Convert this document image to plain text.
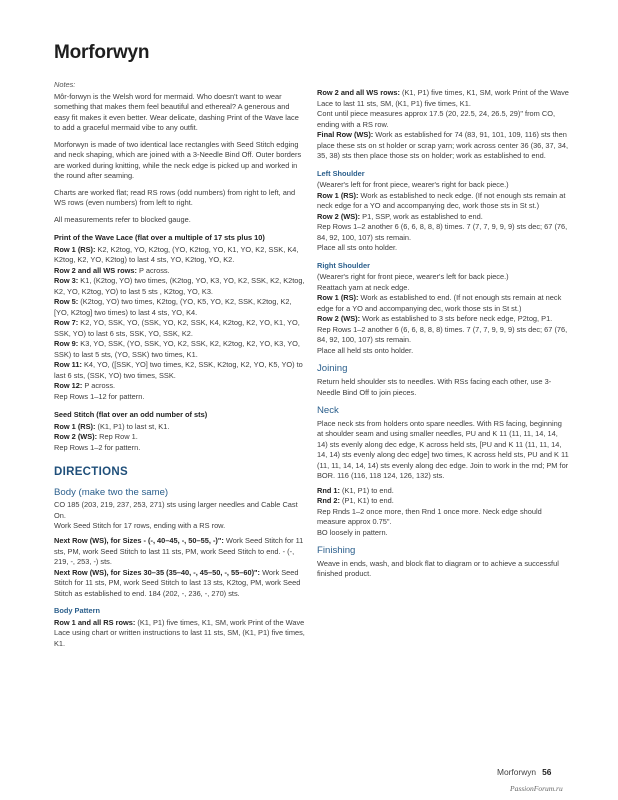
Morforwyn
Notes:

Môr-forwyn is the Welsh word for mermaid. Who doesn't want to wear something that makes them feel beautiful and ethereal? A generous and easy fit makes it even better. Wear delicate, dashing Print of the Wave lace to add a graceful mermaid vibe to any outfit.

Morforwyn is made of two identical lace rectangles with Seed Stitch edging and neck shaping, which are joined with a 3-Needle Bind Off. Outer borders are worked during knitting, while the neck edge is picked up and worked in the round after seaming.

Charts are worked flat; read RS rows (odd numbers) from right to left, and WS rows (even numbers) from left to right.

All measurements refer to blocked gauge.

Print of the Wave Lace (flat over a multiple of 17 sts plus 10)
Row 1 (RS): K2, K2tog, YO, K2tog, (YO, K2tog, YO, K1, YO, K2, SSK, K4, K2tog, K2, YO, K2tog) to last 4 sts, YO, K2tog, YO, K2.
Row 2 and all WS rows: P across.
Row 3: K1, (K2tog, YO) two times, (K2tog, YO, K3, YO, K2, SSK, K2, K2tog, K2, YO, K2tog, YO) to last 5 sts , K2tog, YO, K3.
Row 5: (K2tog, YO) two times, K2tog, (YO, K5, YO, K2, SSK, K2tog, K2, [YO, K2tog] two times) to last 4 sts, YO, K4.
Row 7: K2, YO, SSK, YO, (SSK, YO, K2, SSK, K4, K2tog, K2, YO, K1, YO, SSK, YO) to last 6 sts, SSK, YO, SSK, K2.
Row 9: K3, YO, SSK, (YO, SSK, YO, K2, SSK, K2, K2tog, K2, YO, K3, YO, SSK) to last 5 sts, (YO, SSK) two times, K1.
Row 11: K4, YO, ([SSK, YO] two times, K2, SSK, K2tog, K2, YO, K5, YO) to last 6 sts, (SSK, YO) two times, SSK.
Row 12: P across.
Rep Rows 1–12 for pattern.
Seed Stitch (flat over an odd number of sts)
Row 1 (RS): (K1, P1) to last st, K1.
Row 2 (WS): Rep Row 1.
Rep Rows 1–2 for pattern.
DIRECTIONS
Body (make two the same)
CO 185 (203, 219, 237, 253, 271) sts using larger needles and Cable Cast On.
Work Seed Stitch for 17 rows, ending with a RS row.
Next Row (WS), for Sizes - (-, 40–45, -, 50–55, -)": Work Seed Stitch for 11 sts, PM, work Seed Stitch to last 11 sts, PM, work Seed Stitch to end. - (-, 219, -, 253, -) sts.
Next Row (WS), for Sizes 30–35 (35–40, -, 45–50, -, 55–60)": Work Seed Stitch for 11 sts, PM, work Seed Stitch to last 13 sts, K2tog, PM, work Seed Stitch as established to end. 184 (202, -, 236, -, 270) sts.
Body Pattern
Row 1 and all RS rows: (K1, P1) five times, K1, SM, work Print of the Wave Lace using chart or written instructions to last 11 sts, SM, (K1, P1) five times, K1.
Row 2 and all WS rows: (K1, P1) five times, K1, SM, work Print of the Wave Lace to last 11 sts, SM, (K1, P1) five times, K1.
Cont until piece measures approx 17.5 (20, 22.5, 24, 26.5, 29)" from CO, ending with a RS row.
Final Row (WS): Work as established for 74 (83, 91, 101, 109, 116) sts then place these sts on st holder or scrap yarn; work across center 36 (36, 37, 34, 35, 38) sts then place those sts on holder; work as established to end.
Left Shoulder
(Wearer's left for front piece, wearer's right for back piece.)
Row 1 (RS): Work as established to neck edge. (If not enough sts remain at neck edge for a YO and accompanying dec, work those sts in St st.)
Row 2 (WS): P1, SSP, work as established to end.
Rep Rows 1–2 another 6 (6, 6, 8, 8, 8) times. 7 (7, 7, 9, 9, 9) sts dec; 67 (76, 84, 92, 100, 107) sts remain.
Place all sts onto holder.
Right Shoulder
(Wearer's right for front piece, wearer's left for back piece.)
Reattach yarn at neck edge.
Row 1 (RS): Work as established to end. (If not enough sts remain at neck edge for a YO and accompanying dec, work those sts in St st.)
Row 2 (WS): Work as established to 3 sts before neck edge, P2tog, P1.
Rep Rows 1–2 another 6 (6, 6, 8, 8, 8) times. 7 (7, 7, 9, 9, 9) sts dec; 67 (76, 84, 92, 100, 107) sts remain.
Place all held sts onto holder.
Joining
Return held shoulder sts to needles. With RSs facing each other, use 3-Needle Bind Off to join pieces.
Neck
Place neck sts from holders onto spare needles. With RS facing, beginning at shoulder seam and using smaller needles, PU and K 11 (11, 11, 14, 14, 14) sts evenly along dec edge, K across held sts, [PU and K 11 (11, 11, 14, 14, 14) sts evenly along dec edge] two times, K across held sts, PU and K 11 (11, 11, 14, 14, 14) sts evenly along dec edge. Join to work in the rnd; PM for BOR. 116 (116, 118 124, 126, 132) sts.
Rnd 1: (K1, P1) to end.
Rnd 2: (P1, K1) to end.
Rep Rnds 1–2 once more, then Rnd 1 once more. Neck edge should measure approx 0.75".
BO loosely in pattern.
Finishing
Weave in ends, wash, and block flat to diagram or to achieve a successful finished product.
Morforwyn 56
PassionForum.ru
